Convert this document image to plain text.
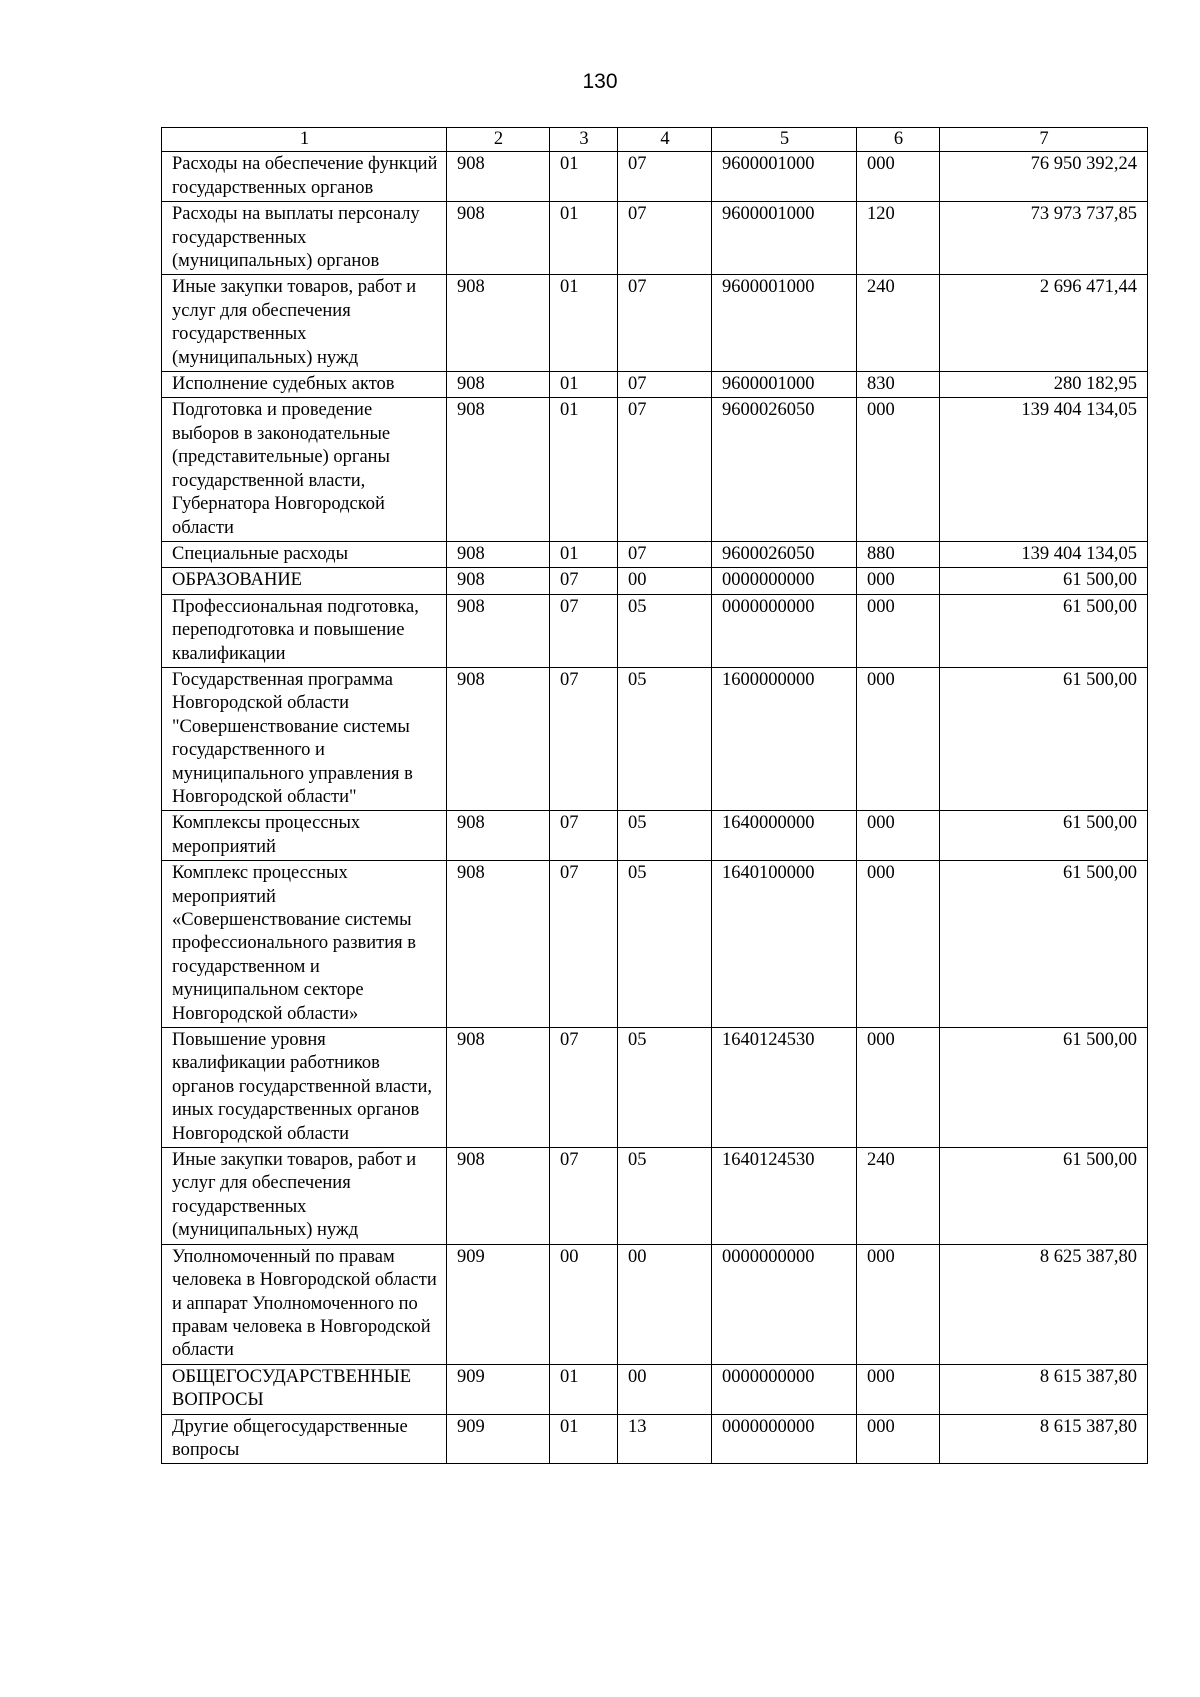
130
1	2	3	4	5	6	7
Расходы на обеспечение функций государственных органов	908	01	07	9600001000	000	76 950 392,24
Расходы на выплаты персоналу государственных (муниципальных) органов	908	01	07	9600001000	120	73 973 737,85
Иные закупки товаров, работ и услуг для обеспечения государственных (муниципальных) нужд	908	01	07	9600001000	240	2 696 471,44
Исполнение судебных актов	908	01	07	9600001000	830	280 182,95
Подготовка и проведение выборов в законодательные (представительные) органы государственной власти, Губернатора Новгородской области	908	01	07	9600026050	000	139 404 134,05
Специальные расходы	908	01	07	9600026050	880	139 404 134,05
ОБРАЗОВАНИЕ	908	07	00	0000000000	000	61 500,00
Профессиональная подготовка, переподготовка и повышение квалификации	908	07	05	0000000000	000	61 500,00
Государственная программа Новгородской области "Совершенствование системы государственного и муниципального управления в Новгородской области"	908	07	05	1600000000	000	61 500,00
Комплексы процессных мероприятий	908	07	05	1640000000	000	61 500,00
Комплекс процессных мероприятий «Совершенствование системы профессионального развития в государственном и муниципальном секторе Новгородской области»	908	07	05	1640100000	000	61 500,00
Повышение уровня квалификации работников органов государственной власти, иных государственных органов Новгородской области	908	07	05	1640124530	000	61 500,00
Иные закупки товаров, работ и услуг для обеспечения государственных (муниципальных) нужд	908	07	05	1640124530	240	61 500,00
Уполномоченный по правам человека в Новгородской области и аппарат Уполномоченного по правам человека в Новгородской области	909	00	00	0000000000	000	8 625 387,80
ОБЩЕГОСУДАРСТВЕННЫЕ ВОПРОСЫ	909	01	00	0000000000	000	8 615 387,80
Другие общегосударственные вопросы	909	01	13	0000000000	000	8 615 387,80
